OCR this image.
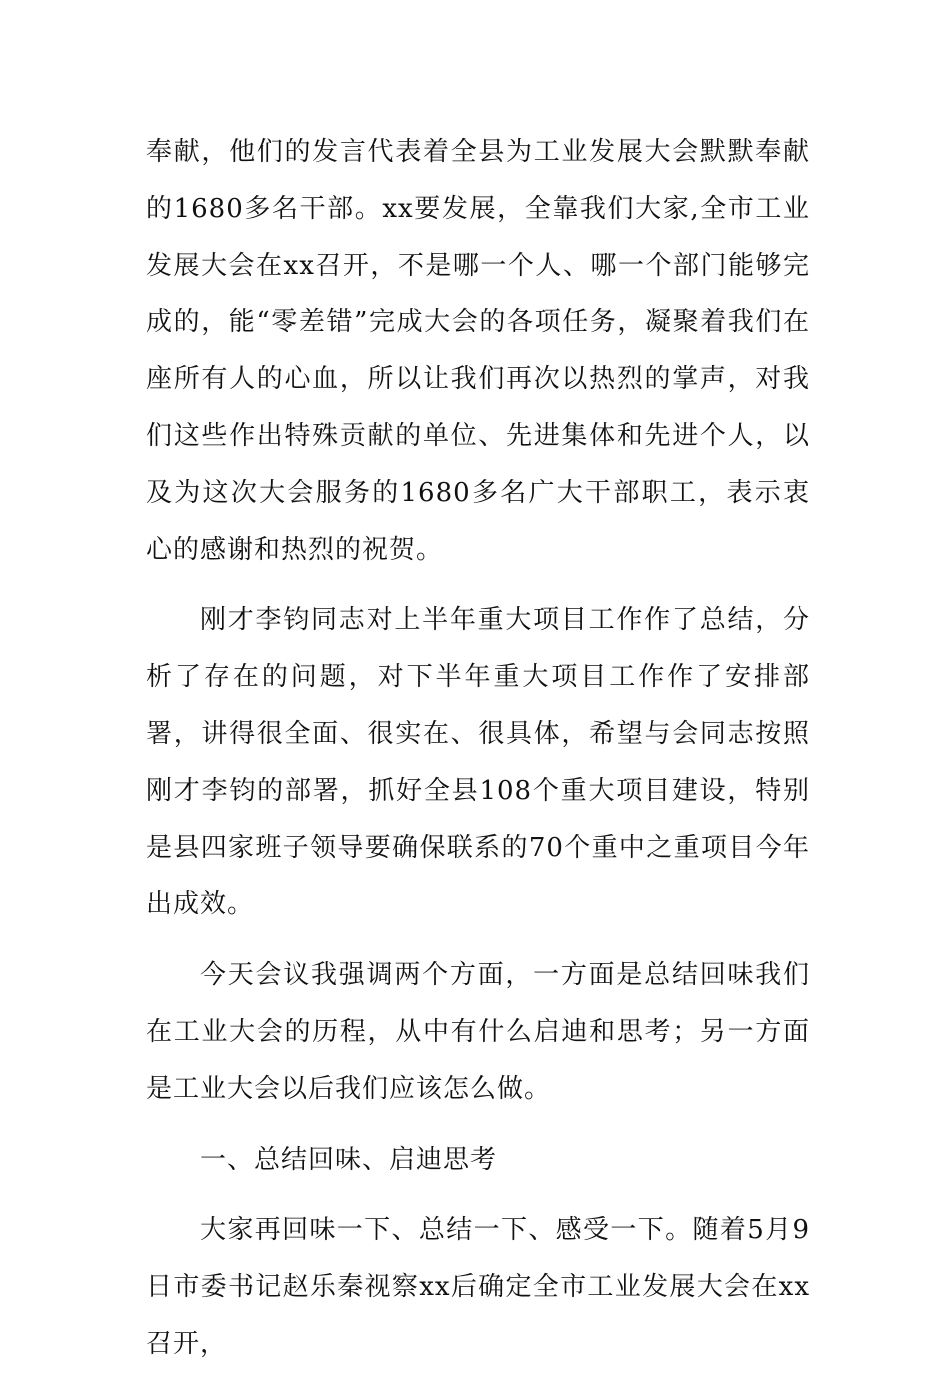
奉献，他们的发言代表着全县为工业发展大会默默奉献的1680多名干部。xx要发展，全靠我们大家,全市工业发展大会在xx召开，不是哪一个人、哪一个部门能够完成的，能“零差错”完成大会的各项任务，凝聚着我们在座所有人的心血，所以让我们再次以热烈的掌声，对我们这些作出特殊贡献的单位、先进集体和先进个人，以及为这次大会服务的1680多名广大干部职工，表示衷心的感谢和热烈的祝贺。

刚才李钧同志对上半年重大项目工作作了总结，分析了存在的问题，对下半年重大项目工作作了安排部署，讲得很全面、很实在、很具体，希望与会同志按照刚才李钧的部署，抓好全县108个重大项目建设，特别是县四家班子领导要确保联系的70个重中之重项目今年出成效。

今天会议我强调两个方面，一方面是总结回味我们在工业大会的历程，从中有什么启迪和思考；另一方面是工业大会以后我们应该怎么做。

一、总结回味、启迪思考

大家再回味一下、总结一下、感受一下。随着5月9日市委书记赵乐秦视察xx后确定全市工业发展大会在xx召开，
